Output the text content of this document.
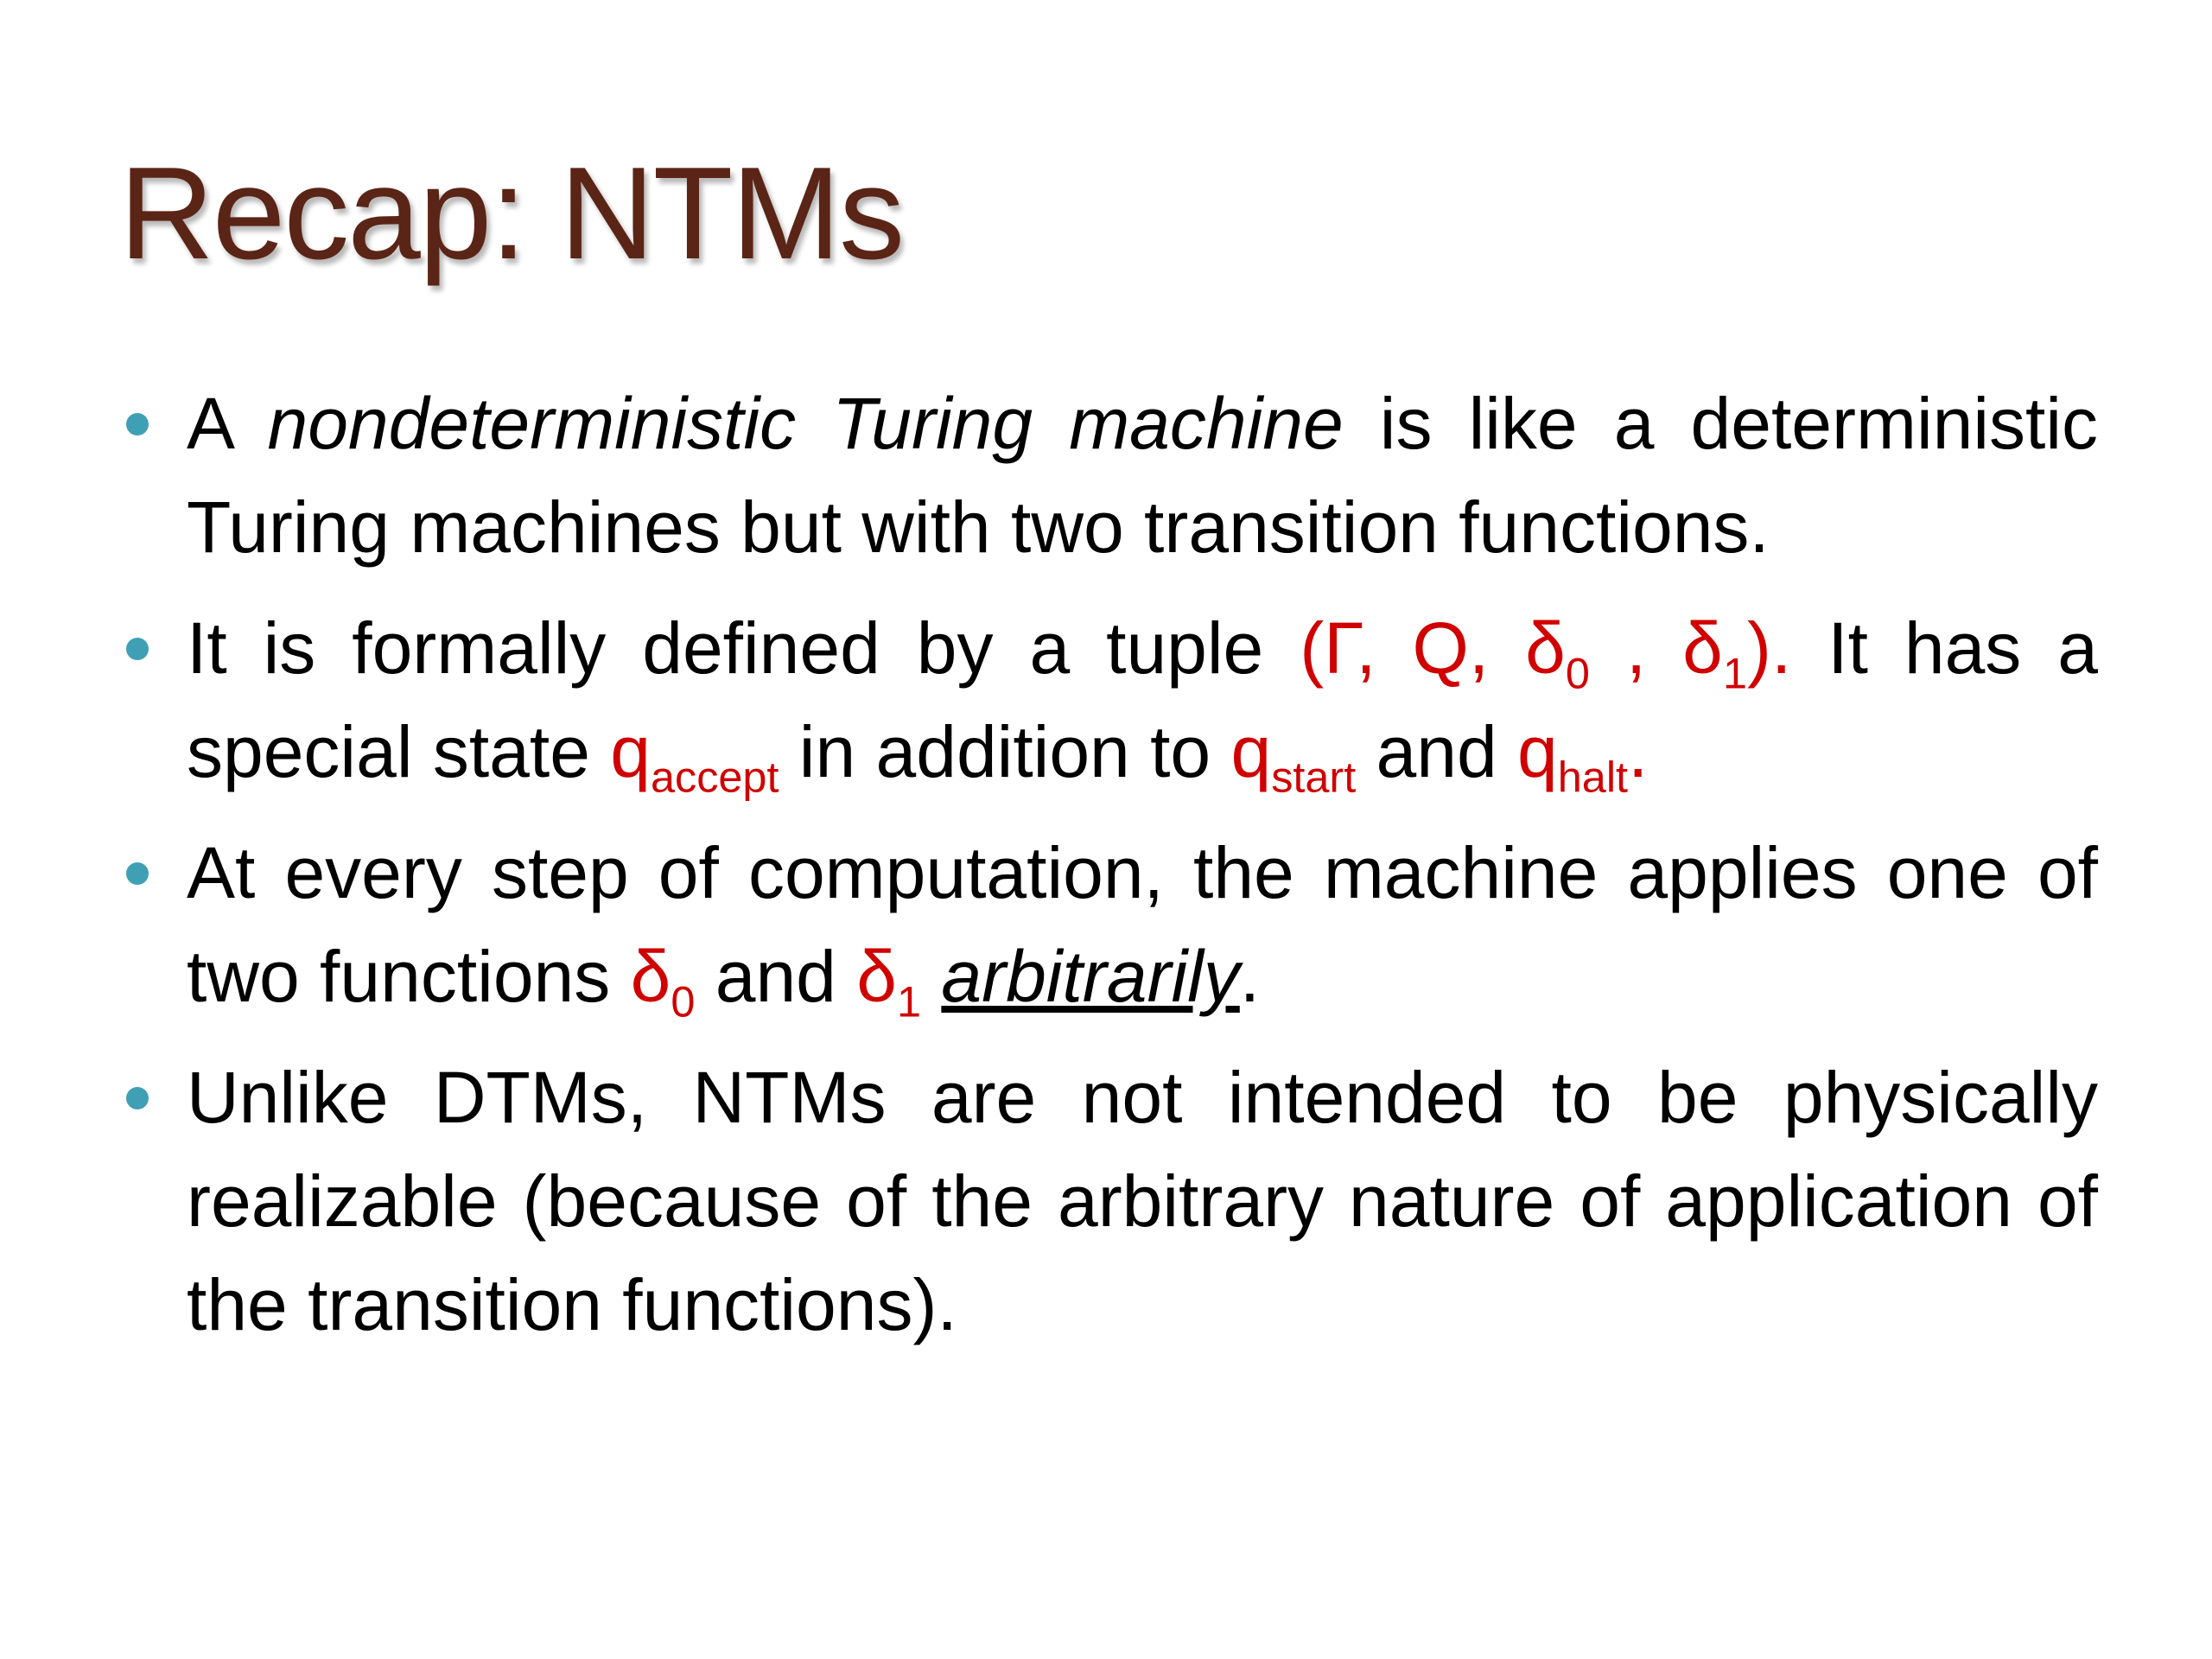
Recap: NTMs
A nondeterministic Turing machine is like a deterministic Turing machines but with two transition functions.
It is formally defined by a tuple (Γ, Q, $\delta_0$ , $\delta_1$). It has a special state $q_{accept}$ in addition to $q_{start}$ and $q_{halt}$.
At every step of computation, the machine applies one of two functions $\delta_0$ and $\delta_1$ arbitrarily.
Unlike DTMs, NTMs are not intended to be physically realizable (because of the arbitrary nature of application of the transition functions).
